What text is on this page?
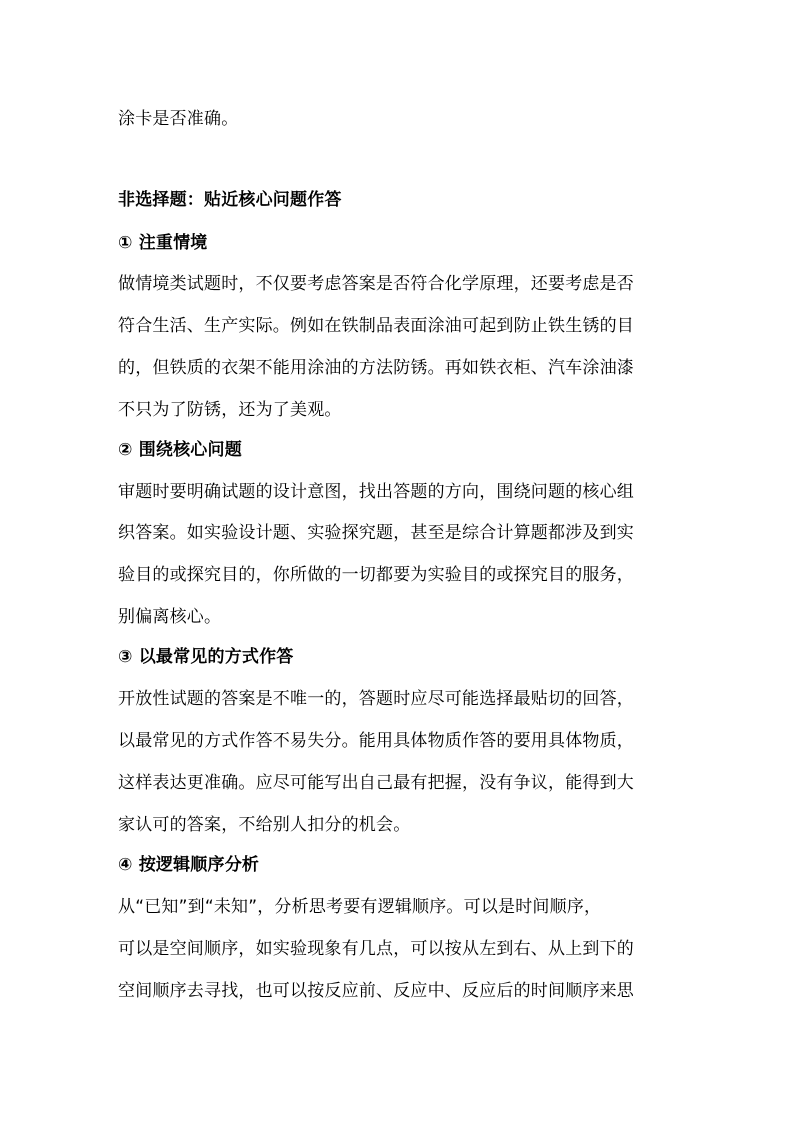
涂卡是否准确。
非选择题：贴近核心问题作答
① 注重情境
做情境类试题时，不仅要考虑答案是否符合化学原理，还要考虑是否
符合生活、生产实际。例如在铁制品表面涂油可起到防止铁生锈的目
的，但铁质的衣架不能用涂油的方法防锈。再如铁衣柜、汽车涂油漆
不只为了防锈，还为了美观。
② 围绕核心问题
审题时要明确试题的设计意图，找出答题的方向，围绕问题的核心组
织答案。如实验设计题、实验探究题，甚至是综合计算题都涉及到实
验目的或探究目的，你所做的一切都要为实验目的或探究目的服务，
别偏离核心。
③ 以最常见的方式作答
开放性试题的答案是不唯一的，答题时应尽可能选择最贴切的回答，
以最常见的方式作答不易失分。能用具体物质作答的要用具体物质，
这样表达更准确。应尽可能写出自己最有把握，没有争议，能得到大
家认可的答案，不给别人扣分的机会。
④ 按逻辑顺序分析
从“已知”到“未知”，分析思考要有逻辑顺序。可以是时间顺序，
可以是空间顺序，如实验现象有几点，可以按从左到右、从上到下的
空间顺序去寻找，也可以按反应前、反应中、反应后的时间顺序来思
